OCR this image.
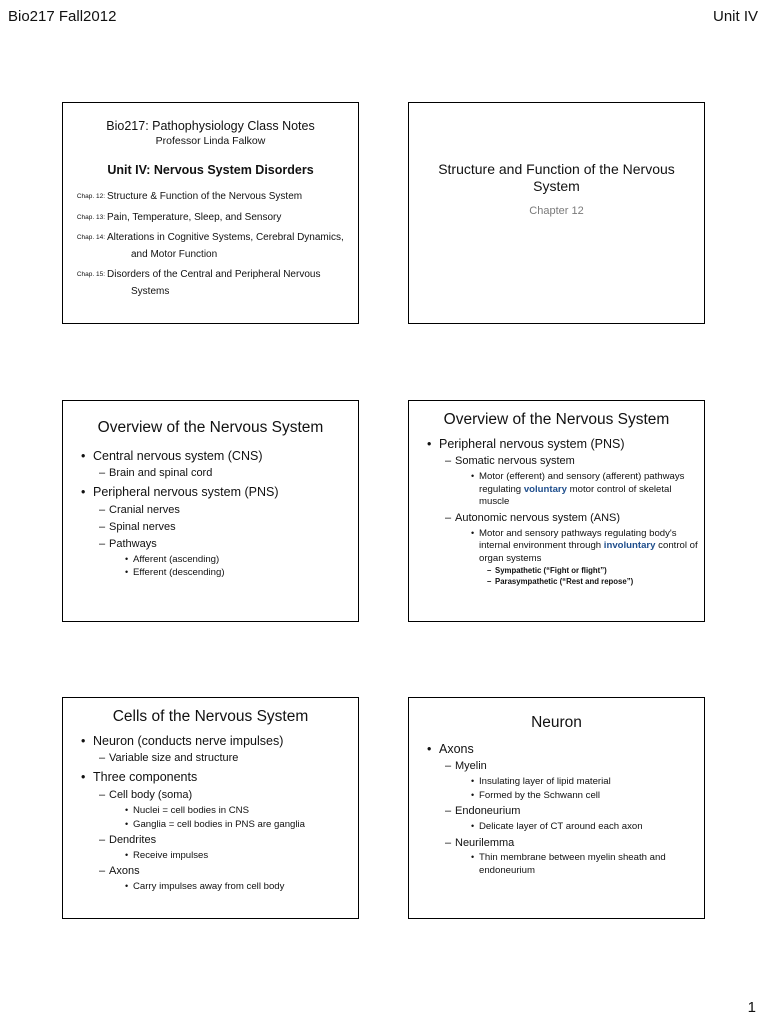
Bio217 Fall2012	Unit IV
Bio217: Pathophysiology Class Notes
Professor Linda Falkow
Unit IV: Nervous System Disorders
Chap. 12: Structure & Function of the Nervous System
Chap. 13: Pain, Temperature, Sleep, and Sensory
Chap. 14: Alterations in Cognitive Systems, Cerebral Dynamics,
and Motor Function
Chap. 15: Disorders of the Central and Peripheral Nervous
Systems
Structure and Function of the Nervous System
Chapter 12
Overview of the Nervous System
• Central nervous system (CNS)
– Brain and spinal cord
• Peripheral nervous system (PNS)
– Cranial nerves
– Spinal nerves
– Pathways
• Afferent (ascending)
• Efferent (descending)
Overview of the Nervous System
• Peripheral nervous system (PNS)
– Somatic nervous system
• Motor (efferent) and sensory (afferent) pathways regulating voluntary motor control of skeletal muscle
– Autonomic nervous system (ANS)
• Motor and sensory pathways regulating body's internal environment through involuntary control of organ systems
– Sympathetic (“Fight or flight”)
– Parasympathetic (“Rest and repose”)
Cells of the Nervous System
• Neuron (conducts nerve impulses)
– Variable size and structure
• Three components
– Cell body (soma)
• Nuclei = cell bodies in CNS
• Ganglia = cell bodies in PNS are ganglia
– Dendrites
• Receive impulses
– Axons
• Carry impulses away from cell body
Neuron
• Axons
– Myelin
• Insulating layer of lipid material
• Formed by the Schwann cell
– Endoneurium
• Delicate layer of CT around each axon
– Neurilemma
• Thin membrane between myelin sheath and endoneurium
1
